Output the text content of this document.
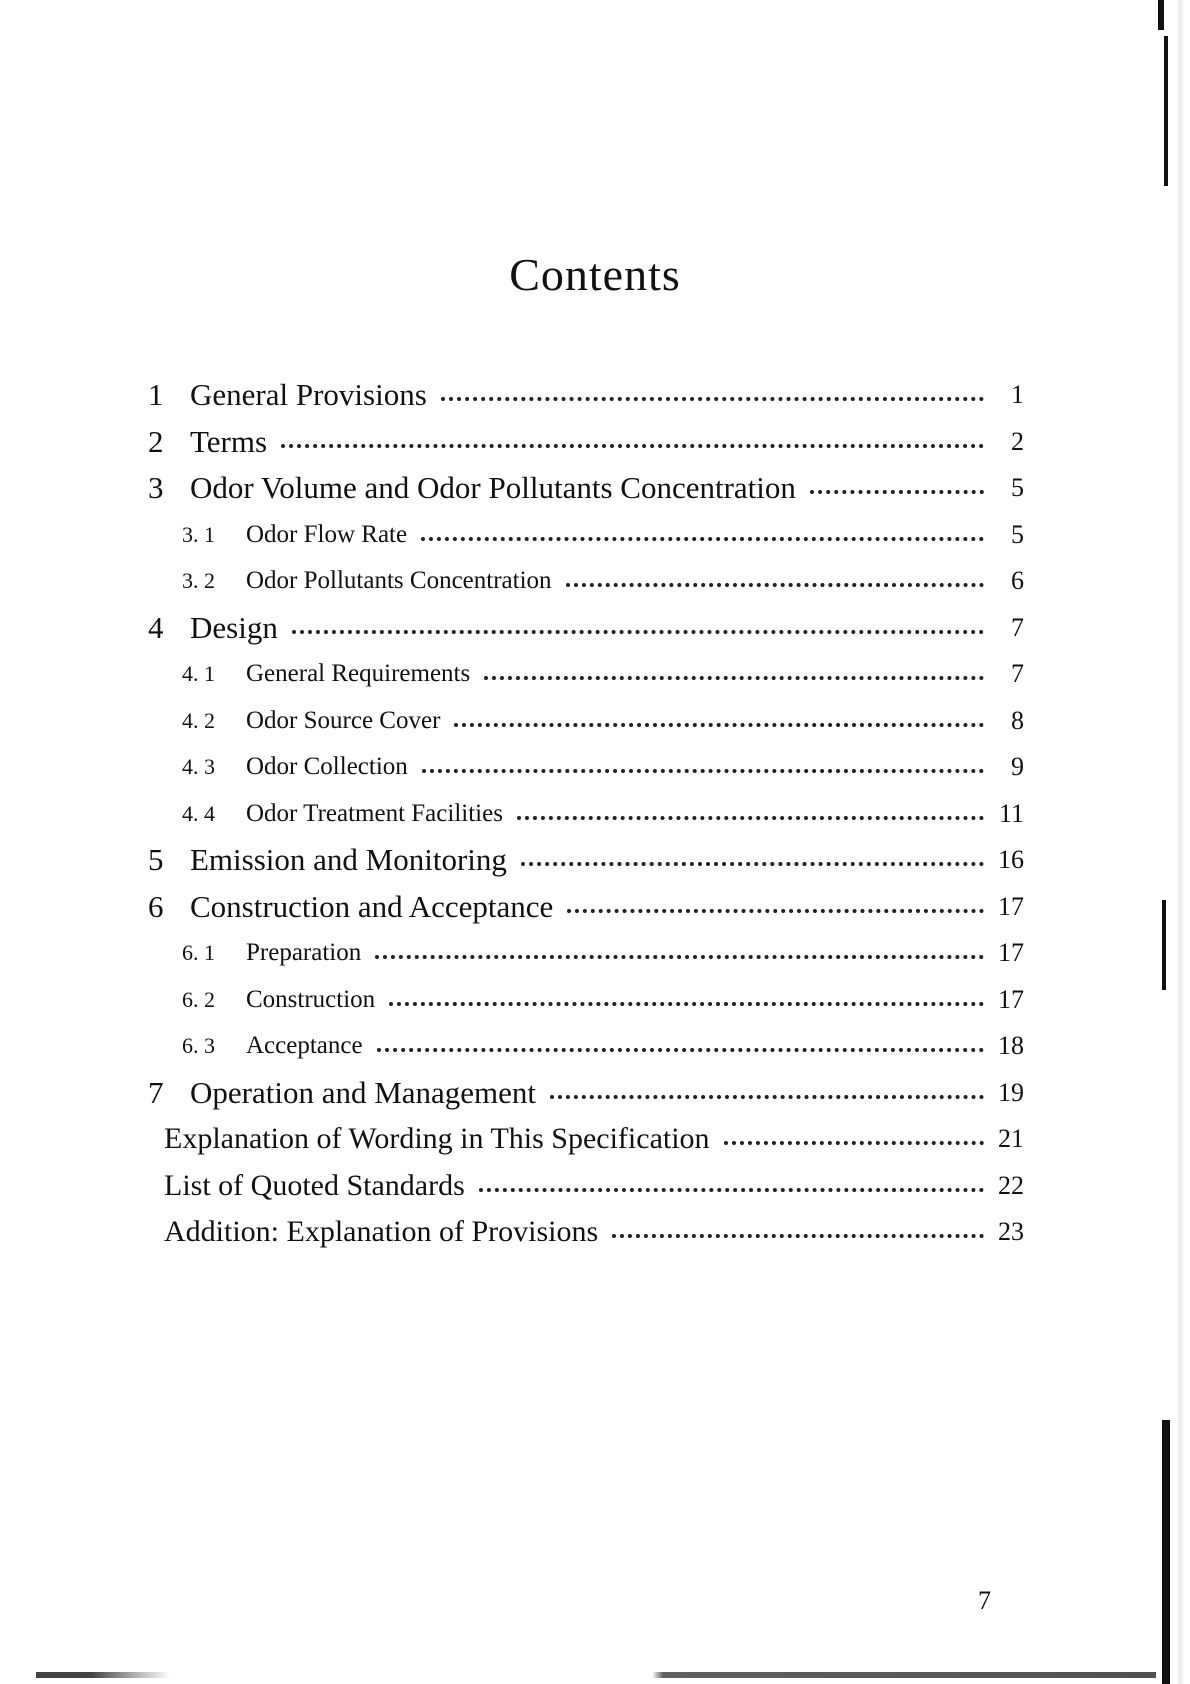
Contents
1 General Provisions	1
2 Terms	2
3 Odor Volume and Odor Pollutants Concentration	5
3. 1	Odor Flow Rate	5
3. 2	Odor Pollutants Concentration	6
4 Design	7
4. 1	General Requirements	7
4. 2	Odor Source Cover	8
4. 3	Odor Collection	9
4. 4	Odor Treatment Facilities	11
5 Emission and Monitoring	16
6 Construction and Acceptance	17
6. 1	Preparation	17
6. 2	Construction	17
6. 3	Acceptance	18
7 Operation and Management	19
Explanation of Wording in This Specification	21
List of Quoted Standards	22
Addition: Explanation of Provisions	23
7
